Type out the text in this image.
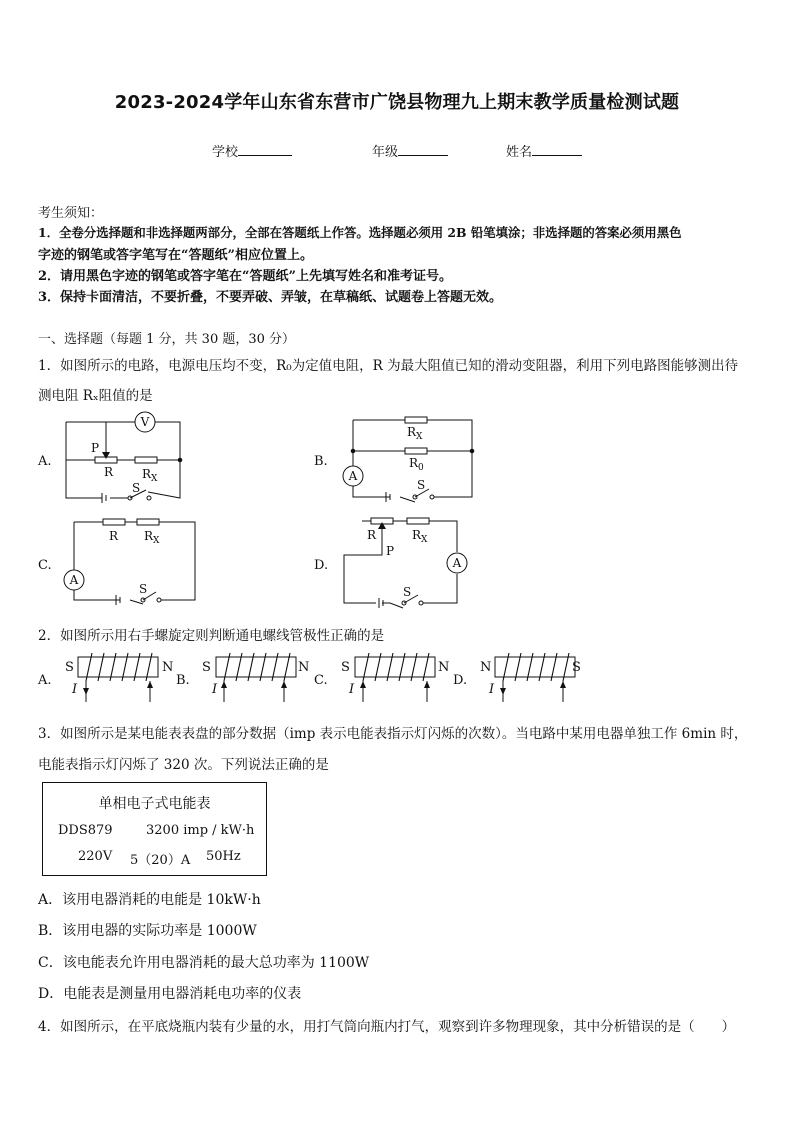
2023-2024学年山东省东营市广饶县物理九上期末教学质量检测试题
学校	年级	姓名
考生须知：
1．全卷分选择题和非选择题两部分，全部在答题纸上作答。选择题必须用 2B 铅笔填涂；非选择题的答案必须用黑色
字迹的钢笔或答字笔写在“答题纸”相应位置上。
2．请用黑色字迹的钢笔或答字笔在“答题纸”上先填写姓名和准考证号。
3．保持卡面清洁，不要折叠，不要弄破、弄皱，在草稿纸、试题卷上答题无效。
一、选择题（每题 1 分，共 30 题，30 分）
1．如图所示的电路，电源电压均不变，R₀为定值电阻，R 为最大阻值已知的滑动变阻器，利用下列电路图能够测出待
测电阻 Rₓ阻值的是
V
A
A
A
P
R $R_X$
S
$R_X$
$R_0$
S
R $R_X$
S
R
P
$R_X$
S
A.	B.
C.	D.
2．如图所示用右手螺旋定则判断通电螺线管极性正确的是
A.
S	N
I
B.
S	N
I
C.
S	N
I
D.
N	S
I
3．如图所示是某电能表表盘的部分数据（imp 表示电能表指示灯闪烁的次数）。当电路中某用电器单独工作 6min 时，
电能表指示灯闪烁了 320 次。下列说法正确的是
单相电子式电能表
DDS879	3200 imp / kW·h
220V 5（20）A 50Hz
A．该用电器消耗的电能是 10kW·h
B．该用电器的实际功率是 1000W
C．该电能表允许用电器消耗的最大总功率为 1100W
D．电能表是测量用电器消耗电功率的仪表
4．如图所示，在平底烧瓶内装有少量的水，用打气筒向瓶内打气，观察到许多物理现象，其中分析错误的是（　　）
